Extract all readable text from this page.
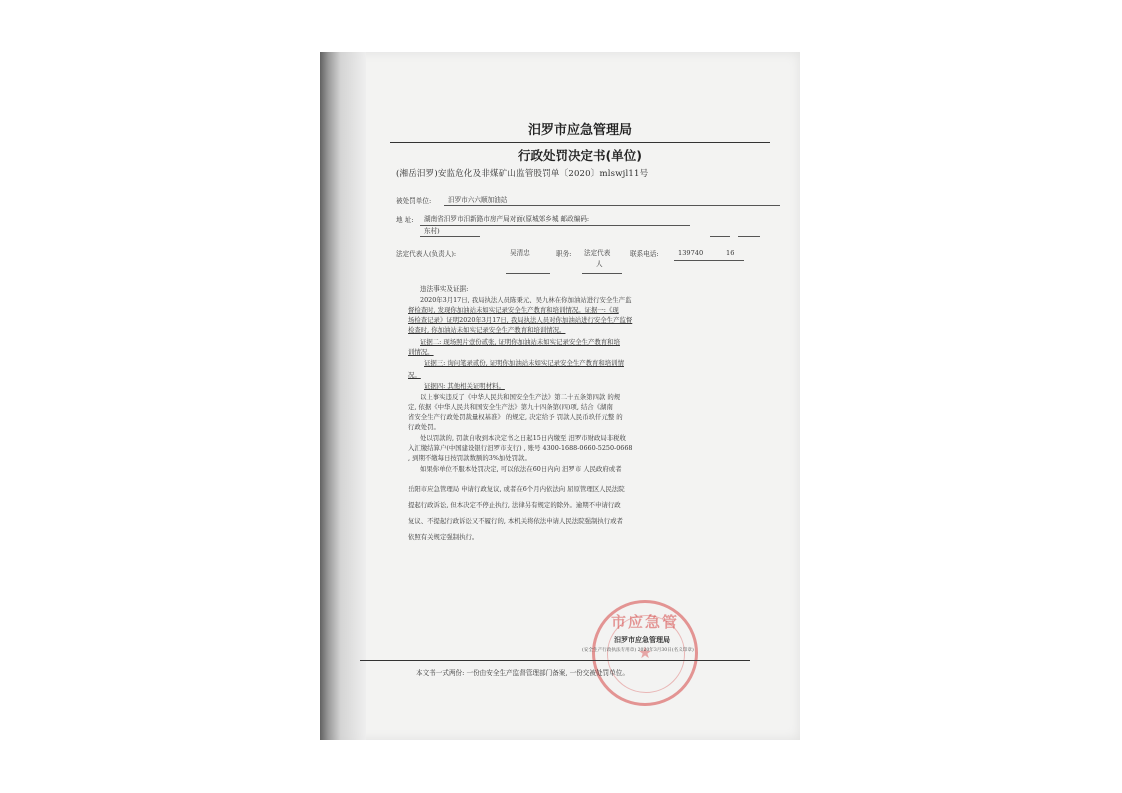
汨罗市应急管理局
行政处罚决定书(单位)
(湘岳汨罗)安监危化及非煤矿山监管股罚单〔2020〕mlswjl11号
被处罚单位:	汨罗市六六顺加油站
地 址: 湖南省汨罗市汨新路市房产局对面(原城郊乡城 邮政编码:
东村)
法定代表人(负责人):	吴清忠	职务: 法定代表
人
联系电话:	139740	16
违法事实及证据:
2020年3月17日, 我局执法人员陈秉元、吴九林在你加油站进行安全生产监
督检查时, 发现你加油站未如实记录安全生产教育和培训情况。证据一:《现
场检查记录》证明2020年3月17日, 我局执法人员对你加油站进行安全生产监督
检查时, 你加油站未如实记录安全生产教育和培训情况。
证据二: 现场照片壹份贰张, 证明你加油站未如实记录安全生产教育和培
训情况。
证据三: 询问笔录贰份, 证明你加油站未如实记录安全生产教育和培训情
况。
证据四: 其他相关证明材料。
以上事实违反了《中华人民共和国安全生产法》第二十五条第四款 的规
定, 依据《中华人民共和国安全生产法》第九十四条第(四)项, 结合《湖南
省安全生产行政处罚裁量权基准》 的规定, 决定给予 罚款人民币玖仟元整 的
行政处罚。
处以罚款的, 罚款自收到本决定书之日起15日内缴至 汨罗市财政局非税收
入汇缴结算户(中国建设银行汨罗市支行) , 账号 4300-1688-0660-5250-0668
, 到期不缴每日按罚款数额的3%加处罚款。
如果你单位不服本处罚决定, 可以依法在60日内向 汨罗市 人民政府或者
岳阳市应急管理局 申请行政复议, 或者在6个月内依法向 屈原管理区人民法院
提起行政诉讼, 但本决定不停止执行, 法律另有规定的除外。逾期不申请行政
复议、不提起行政诉讼又不履行的, 本机关将依法申请人民法院强制执行或者
依照有关规定强制执行。
市应急管
★
汨罗市应急管理局
(安全生产行政执法专用章) 2020年3月30日(名义印章)
本文书一式两份: 一份由安全生产监督管理部门备案, 一份交被处罚单位。
